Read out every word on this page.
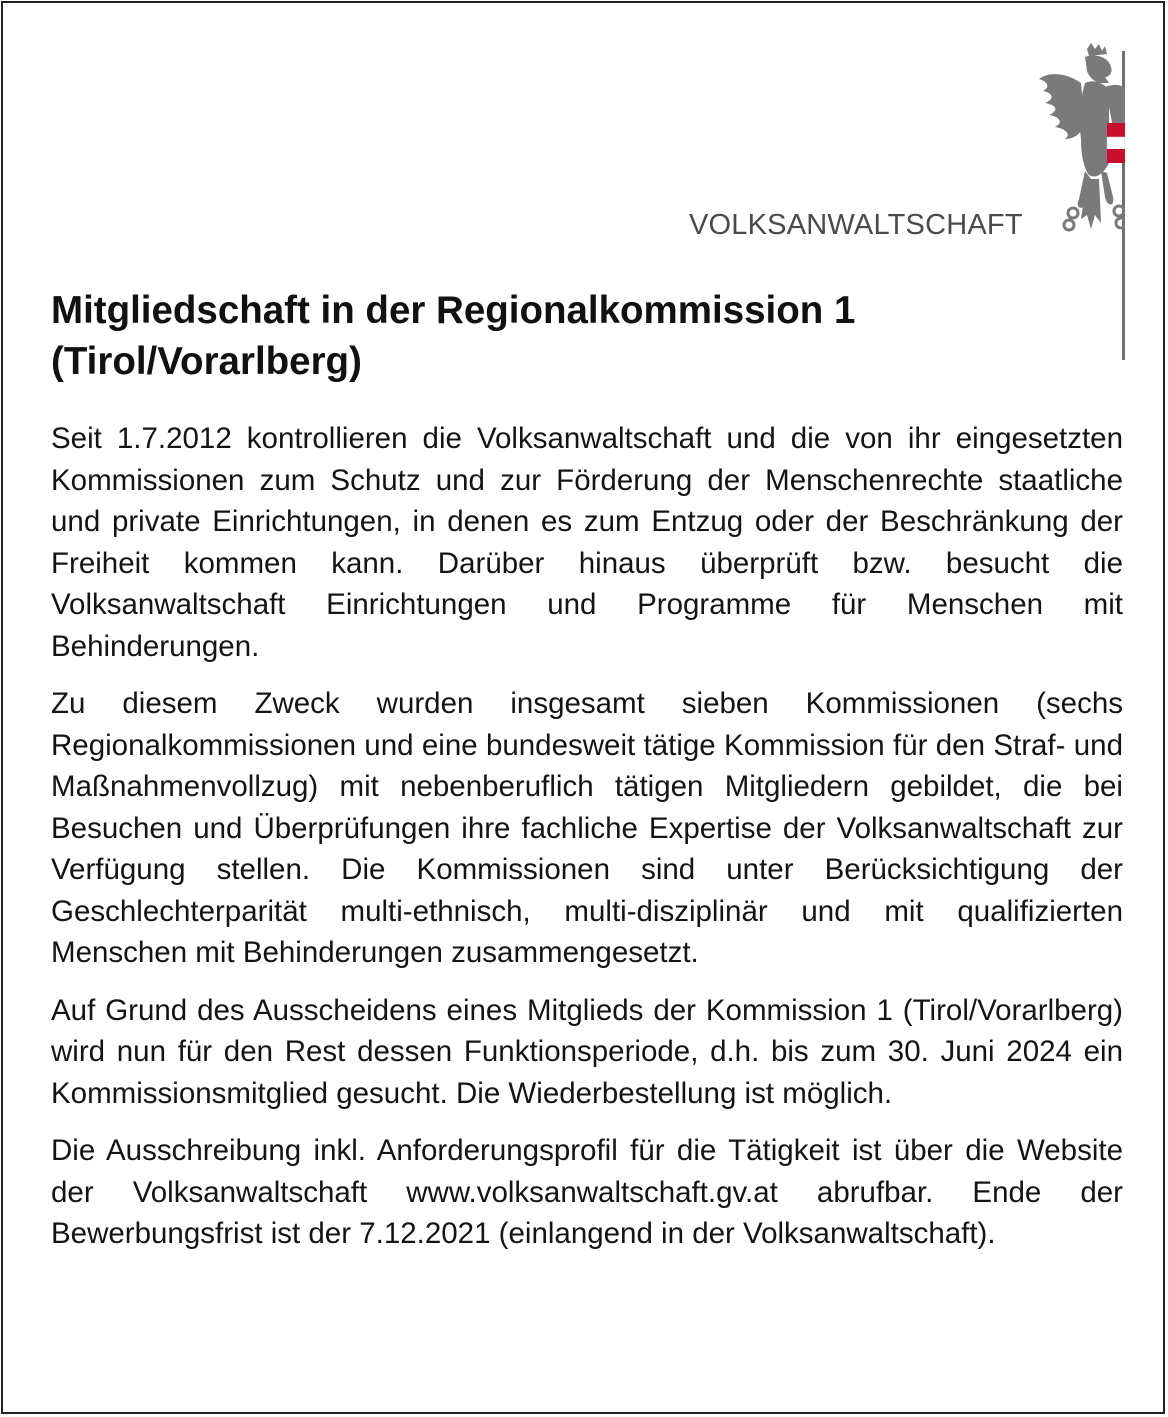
VOLKSANWALTSCHAFT
Mitgliedschaft in der Regionalkommission 1
(Tirol/Vorarlberg)

Seit 1.7.2012 kontrollieren die Volksanwaltschaft und die von ihr eingesetzten Kommissionen zum Schutz und zur Förderung der Menschenrechte staatliche und private Einrichtungen, in denen es zum Entzug oder der Beschränkung der Freiheit kommen kann. Darüber hinaus überprüft bzw. besucht die Volksanwaltschaft Einrichtungen und Programme für Menschen mit Behinderungen.

Zu diesem Zweck wurden insgesamt sieben Kommissionen (sechs Regionalkommissionen und eine bundesweit tätige Kommission für den Straf- und Maßnahmenvollzug) mit nebenberuflich tätigen Mitgliedern gebildet, die bei Besuchen und Überprüfungen ihre fachliche Expertise der Volksanwaltschaft zur Verfügung stellen. Die Kommissionen sind unter Berücksichtigung der Geschlechterparität multi-ethnisch, multi-disziplinär und mit qualifizierten Menschen mit Behinderungen zusammengesetzt.

Auf Grund des Ausscheidens eines Mitglieds der Kommission 1 (Tirol/Vorarlberg) wird nun für den Rest dessen Funktionsperiode, d.h. bis zum 30. Juni 2024 ein Kommissionsmitglied gesucht. Die Wiederbestellung ist möglich.

Die Ausschreibung inkl. Anforderungsprofil für die Tätigkeit ist über die Website der Volksanwaltschaft www.volksanwaltschaft.gv.at abrufbar. Ende der Bewerbungsfrist ist der 7.12.2021 (einlangend in der Volksanwaltschaft).
